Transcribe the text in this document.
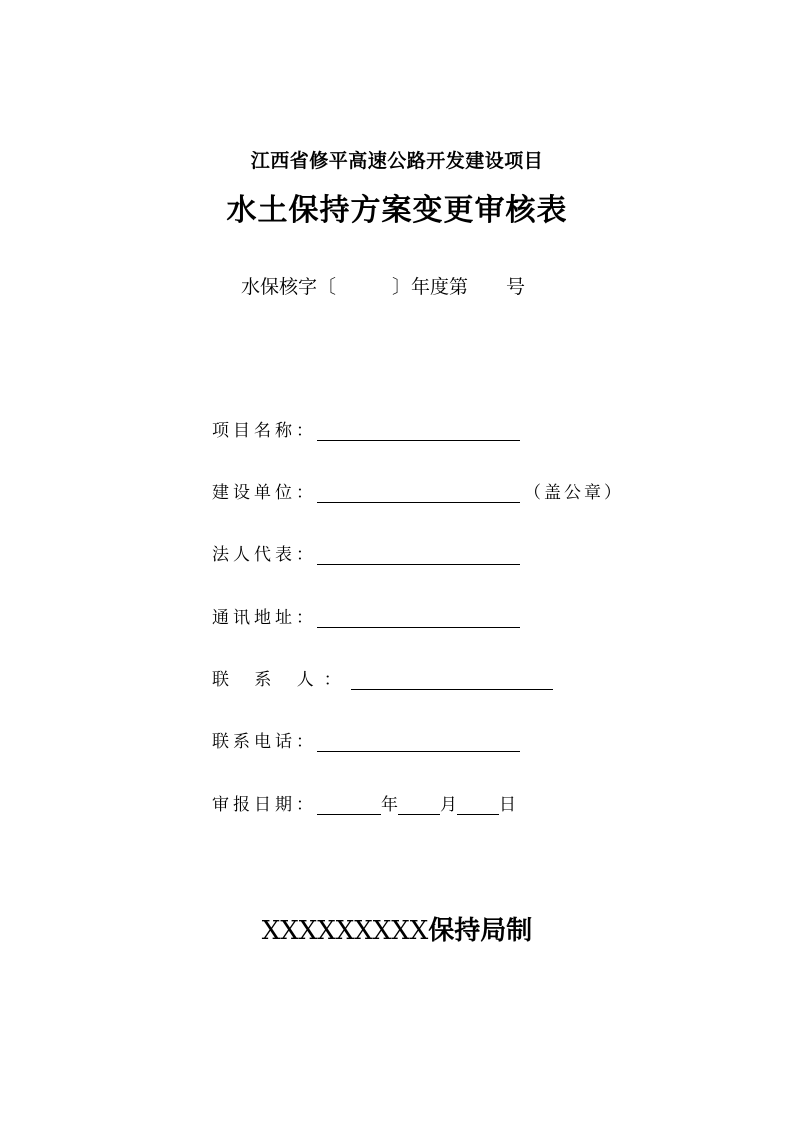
江西省修平高速公路开发建设项目
水土保持方案变更审核表
水保核字〔	〕年度第 号
项目名称：
建设单位：	（盖公章）
法人代表：
通讯地址：
联 系 人：
联系电话：
审报日期：	年 月 日
XXXXXXXXX保持局制
